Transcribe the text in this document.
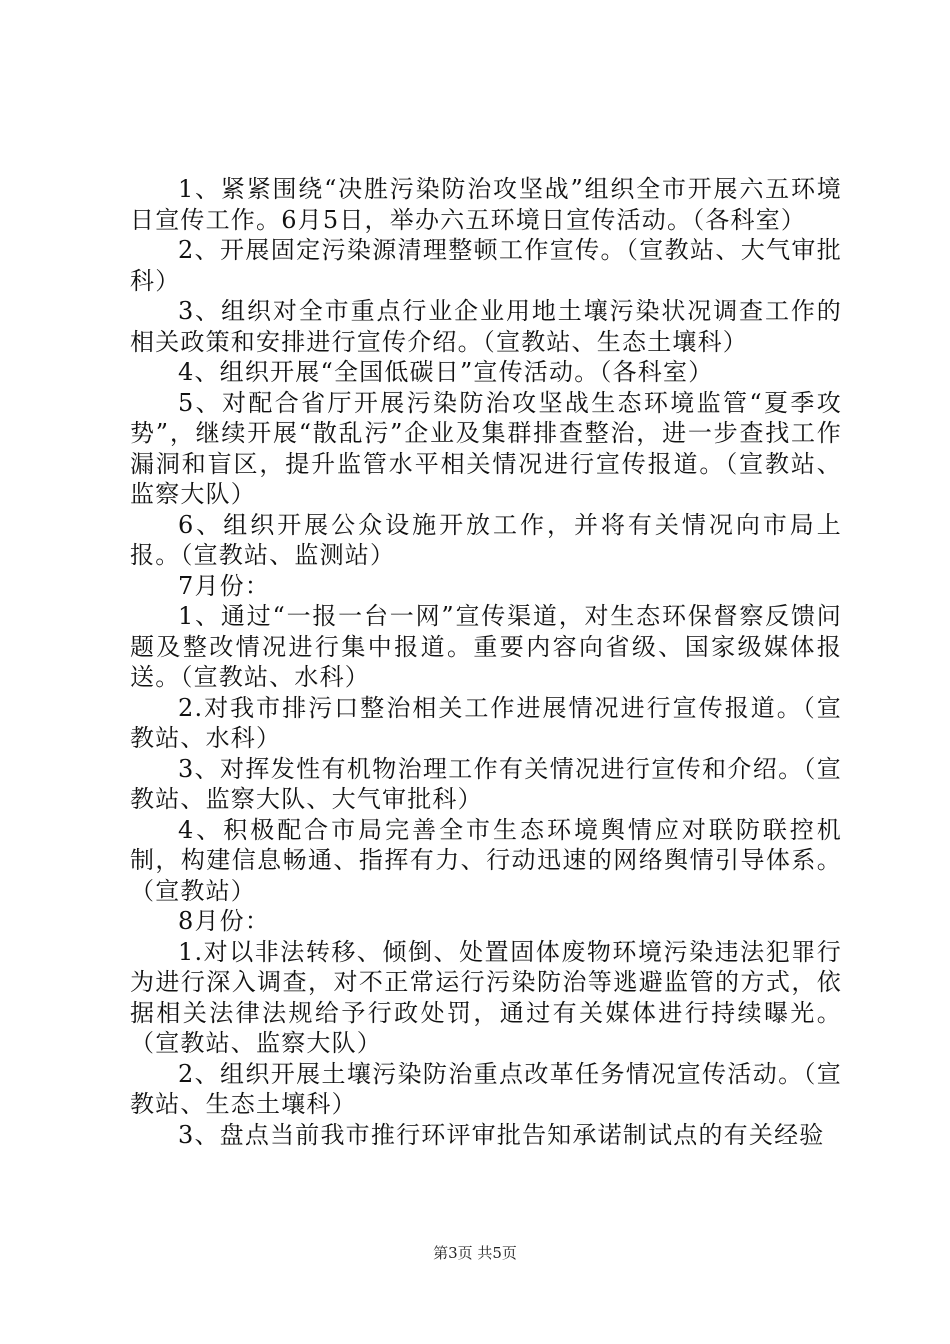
1、紧紧围绕“决胜污染防治攻坚战”组织全市开展六五环境日宣传工作。6月5日，举办六五环境日宣传活动。（各科室）

2、开展固定污染源清理整顿工作宣传。（宣教站、大气审批科）

3、组织对全市重点行业企业用地土壤污染状况调查工作的相关政策和安排进行宣传介绍。（宣教站、生态土壤科）

4、组织开展“全国低碳日”宣传活动。（各科室）

5、对配合省厅开展污染防治攻坚战生态环境监管“夏季攻势”，继续开展“散乱污”企业及集群排查整治，进一步查找工作漏洞和盲区，提升监管水平相关情况进行宣传报道。（宣教站、监察大队）

6、组织开展公众设施开放工作，并将有关情况向市局上报。（宣教站、监测站）

7月份：

1、通过“一报一台一网”宣传渠道，对生态环保督察反馈问题及整改情况进行集中报道。重要内容向省级、国家级媒体报送。（宣教站、水科）

2.对我市排污口整治相关工作进展情况进行宣传报道。（宣教站、水科）

3、对挥发性有机物治理工作有关情况进行宣传和介绍。（宣教站、监察大队、大气审批科）

4、积极配合市局完善全市生态环境舆情应对联防联控机制，构建信息畅通、指挥有力、行动迅速的网络舆情引导体系。（宣教站）

8月份：

1.对以非法转移、倾倒、处置固体废物环境污染违法犯罪行为进行深入调查，对不正常运行污染防治等逃避监管的方式，依据相关法律法规给予行政处罚，通过有关媒体进行持续曝光。（宣教站、监察大队）

2、组织开展土壤污染防治重点改革任务情况宣传活动。（宣教站、生态土壤科）

3、盘点当前我市推行环评审批告知承诺制试点的有关经验

第3页 共5页
